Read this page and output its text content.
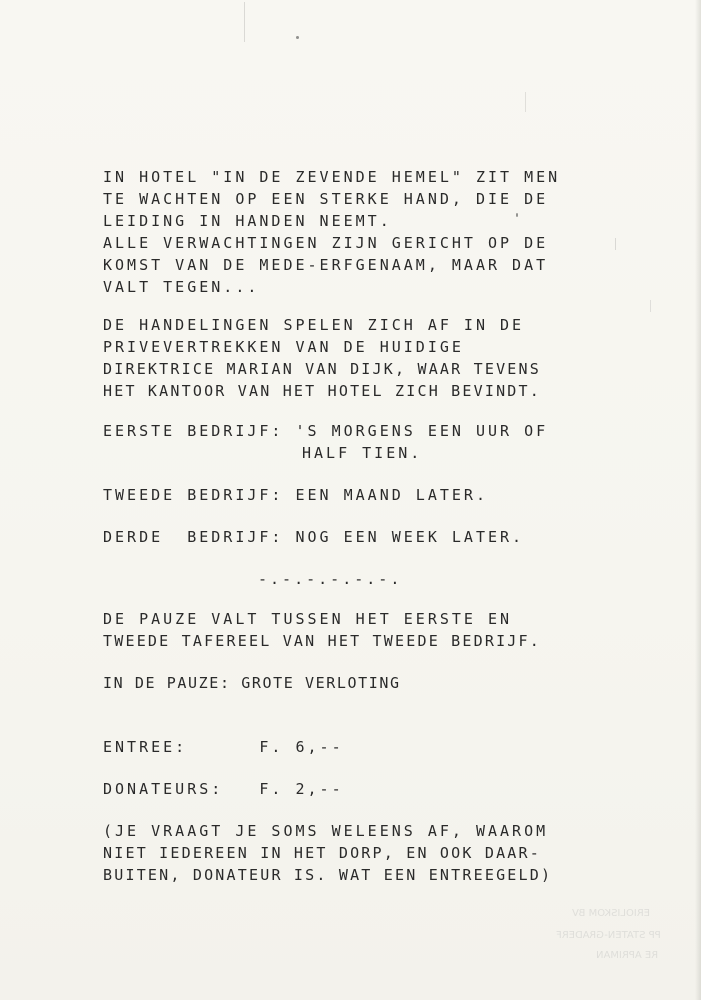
ERIOLISKOM BV
PP STATEN-GRADERF
RE APRIMAN
IN HOTEL "IN DE ZEVENDE HEMEL" ZIT MEN
TE WACHTEN OP EEN STERKE HAND, DIE DE
LEIDING IN HANDEN NEEMT.
ALLE VERWACHTINGEN ZIJN GERICHT OP DE
KOMST VAN DE MEDE-ERFGENAAM, MAAR DAT
VALT TEGEN...
DE HANDELINGEN SPELEN ZICH AF IN DE
PRIVEVERTREKKEN VAN DE HUIDIGE
DIREKTRICE MARIAN VAN DIJK, WAAR TEVENS
HET KANTOOR VAN HET HOTEL ZICH BEVINDT.
EERSTE BEDRIJF: 'S MORGENS EEN UUR OF
HALF TIEN.
TWEEDE BEDRIJF: EEN MAAND LATER.
DERDE  BEDRIJF: NOG EEN WEEK LATER.
-.-.-.-.-.-.
DE PAUZE VALT TUSSEN HET EERSTE EN
TWEEDE TAFEREEL VAN HET TWEEDE BEDRIJF.
IN DE PAUZE: GROTE VERLOTING
ENTREE:      F. 6,--
DONATEURS:   F. 2,--
(JE VRAAGT JE SOMS WELEENS AF, WAAROM
NIET IEDEREEN IN HET DORP, EN OOK DAAR-
BUITEN, DONATEUR IS. WAT EEN ENTREEGELD)
